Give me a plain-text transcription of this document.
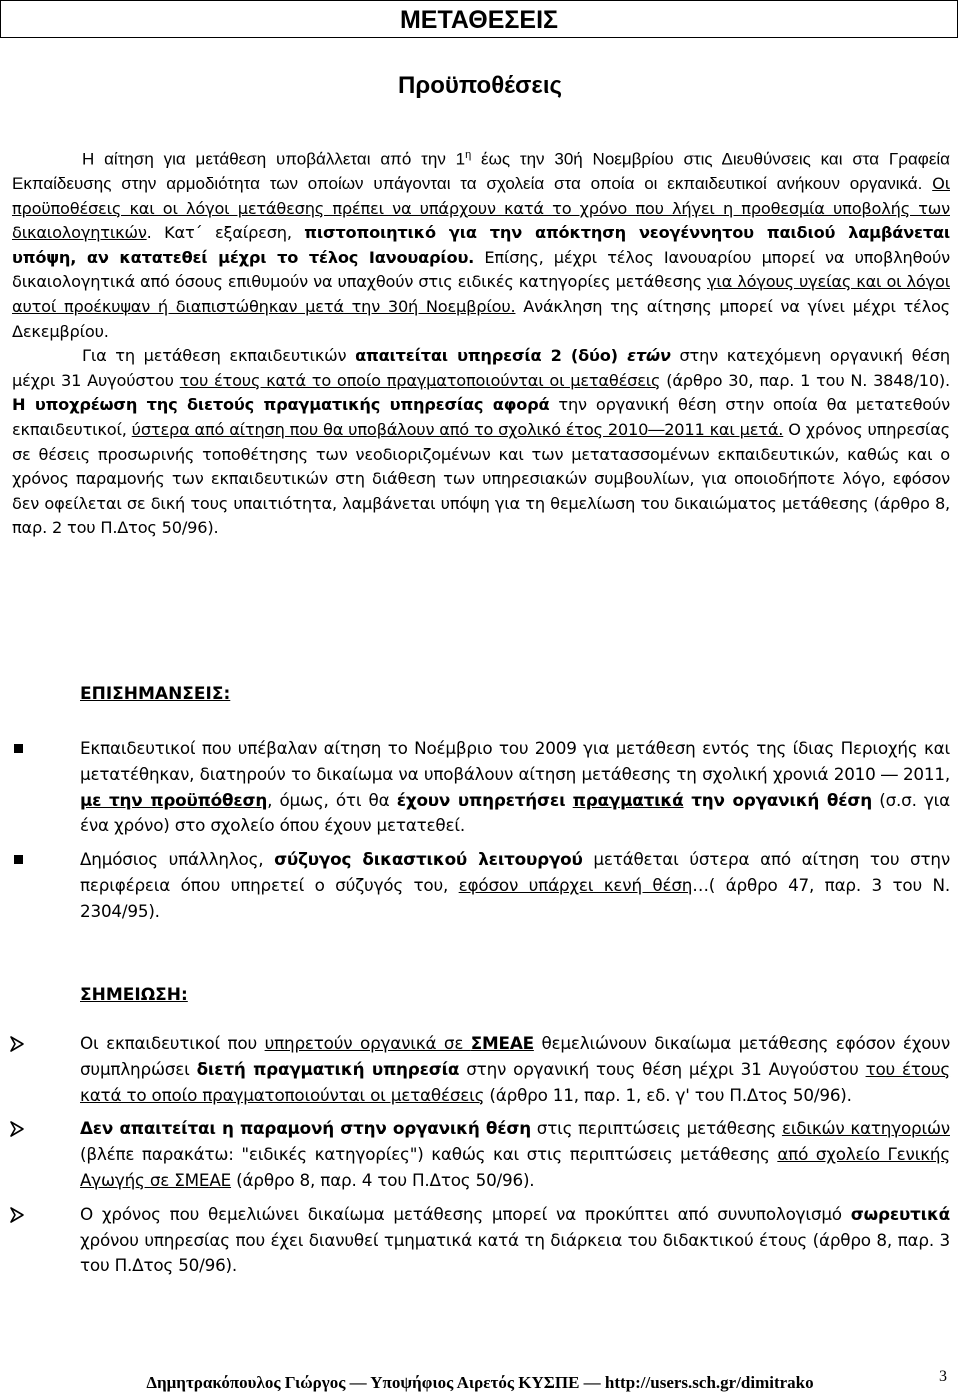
ΜΕΤΑΘΕΣΕΙΣ
Προϋποθέσεις

Η αίτηση για μετάθεση υποβάλλεται από την $1^\eta$ έως την 30ή Νοεμβρίου στις Διευθύνσεις και στα Γραφεία Εκπαίδευσης στην αρμοδιότητα των οποίων υπάγονται τα σχολεία στα οποία οι εκπαιδευτικοί ανήκουν οργανικά. Οι προϋποθέσεις και οι λόγοι μετάθεσης πρέπει να υπάρχουν κατά το χρόνο που λήγει η προθεσμία υποβολής των δικαιολογητικών. Κατ΄ εξαίρεση, πιστοποιητικό για την απόκτηση νεογέννητου παιδιού λαμβάνεται υπόψη, αν κατατεθεί μέχρι το τέλος Ιανουαρίου. Επίσης, μέχρι τέλος Ιανουαρίου μπορεί να υποβληθούν δικαιολογητικά από όσους επιθυμούν να υπαχθούν στις ειδικές κατηγορίες μετάθεσης για λόγους υγείας και οι λόγοι αυτοί προέκυψαν ή διαπιστώθηκαν μετά την 30ή Νοεμβρίου. Ανάκληση της αίτησης μπορεί να γίνει μέχρι τέλος Δεκεμβρίου.

Για τη μετάθεση εκπαιδευτικών απαιτείται υπηρεσία 2 (δύο) ετών στην κατεχόμενη οργανική θέση μέχρι 31 Αυγούστου του έτους κατά το οποίο πραγματοποιούνται οι μεταθέσεις (άρθρο 30, παρ. 1 του Ν. 3848/10). Η υποχρέωση της διετούς πραγματικής υπηρεσίας αφορά την οργανική θέση στην οποία θα μετατεθούν εκπαιδευτικοί, ύστερα από αίτηση που θα υποβάλουν από το σχολικό έτος 2010―2011 και μετά. Ο χρόνος υπηρεσίας σε θέσεις προσωρινής τοποθέτησης των νεοδιοριζομένων και των μετατασσομένων εκπαιδευτικών, καθώς και ο χρόνος παραμονής των εκπαιδευτικών στη διάθεση των υπηρεσιακών συμβουλίων, για οποιοδήποτε λόγο, εφόσον δεν οφείλεται σε δική τους υπαιτιότητα, λαμβάνεται υπόψη για τη θεμελίωση του δικαιώματος μετάθεσης (άρθρο 8, παρ. 2 του Π.Δτος 50/96).

ΕΠΙΣΗΜΑΝΣΕΙΣ:
Εκπαιδευτικοί που υπέβαλαν αίτηση το Νοέμβριο του 2009 για μετάθεση εντός της ίδιας Περιοχής και μετατέθηκαν, διατηρούν το δικαίωμα να υποβάλουν αίτηση μετάθεσης τη σχολική χρονιά 2010 ― 2011, με την προϋπόθεση, όμως, ότι θα έχουν υπηρετήσει πραγματικά την οργανική θέση (σ.σ. για ένα χρόνο) στο σχολείο όπου έχουν μετατεθεί.
Δημόσιος υπάλληλος, σύζυγος δικαστικού λειτουργού μετάθεται ύστερα από αίτηση του στην περιφέρεια όπου υπηρετεί ο σύζυγός του, εφόσον υπάρχει κενή θέση…( άρθρο 47, παρ. 3 του Ν. 2304/95).
ΣΗΜΕΙΩΣΗ:
Οι εκπαιδευτικοί που υπηρετούν οργανικά σε ΣΜΕΑΕ θεμελιώνουν δικαίωμα μετάθεσης εφόσον έχουν συμπληρώσει διετή πραγματική υπηρεσία στην οργανική τους θέση μέχρι 31 Αυγούστου του έτους κατά το οποίο πραγματοποιούνται οι μεταθέσεις (άρθρο 11, παρ. 1, εδ. γ' του Π.Δτος 50/96).
Δεν απαιτείται η παραμονή στην οργανική θέση στις περιπτώσεις μετάθεσης ειδικών κατηγοριών (βλέπε παρακάτω: "ειδικές κατηγορίες") καθώς και στις περιπτώσεις μετάθεσης από σχολείο Γενικής Αγωγής σε ΣΜΕΑΕ (άρθρο 8, παρ. 4 του Π.Δτος 50/96).
Ο χρόνος που θεμελιώνει δικαίωμα μετάθεσης μπορεί να προκύπτει από συνυπολογισμό σωρευτικά χρόνου υπηρεσίας που έχει διανυθεί τμηματικά κατά τη διάρκεια του διδακτικού έτους (άρθρο 8, παρ. 3 του Π.Δτος 50/96).
Δημητρακόπουλος Γιώργος ― Υποψήφιος Αιρετός ΚΥΣΠΕ ― http://users.sch.gr/dimitrako	3
